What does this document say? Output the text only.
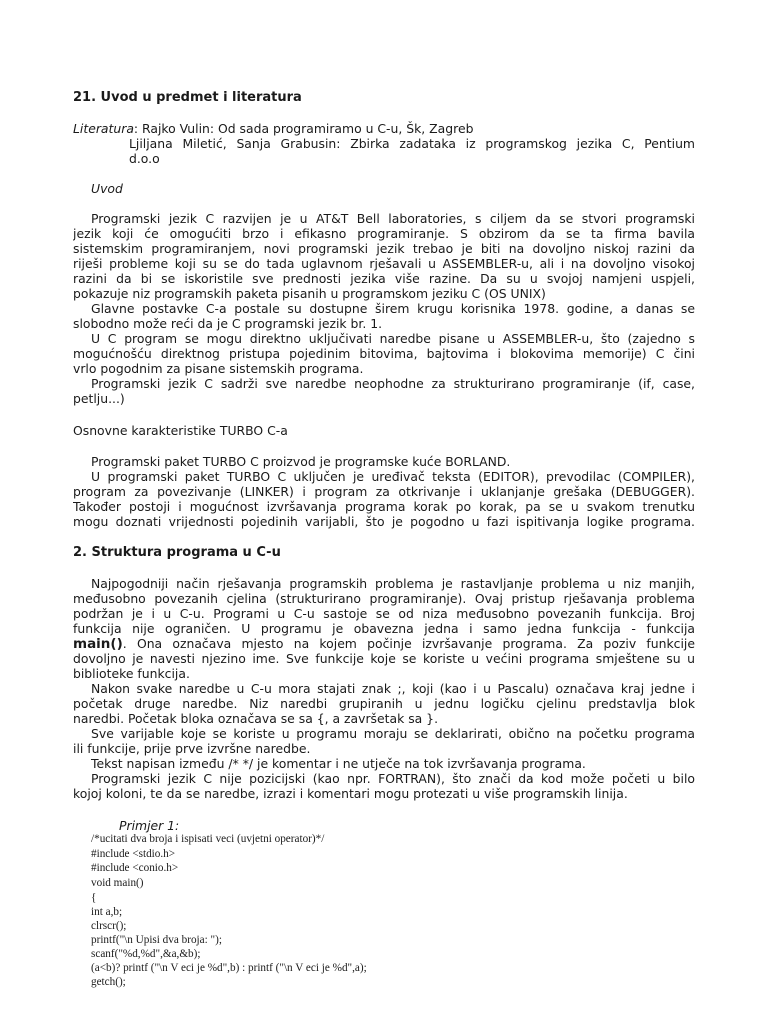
21. Uvod u predmet i literatura
Literatura: Rajko Vulin: Od sada programiramo u C-u, Šk, Zagreb
Ljiljana Miletić, Sanja Grabusin: Zbirka zadataka iz programskog jezika C, Pentium
d.o.o
Uvod
Programski jezik C razvijen je u AT&T Bell laboratories, s ciljem da se stvori programski
jezik koji će omogućiti brzo i efikasno programiranje. S obzirom da se ta firma bavila
sistemskim programiranjem, novi programski jezik trebao je biti na dovoljno niskoj razini da
riješi probleme koji su se do tada uglavnom rješavali u ASSEMBLER-u, ali i na dovoljno visokoj
razini da bi se iskoristile sve prednosti jezika više razine. Da su u svojoj namjeni uspjeli,
pokazuje niz programskih paketa pisanih u programskom jeziku C (OS UNIX)
Glavne postavke C-a postale su dostupne širem krugu korisnika 1978. godine, a danas se
slobodno može reći da je C programski jezik br. 1.
U C program se mogu direktno uključivati naredbe pisane u ASSEMBLER-u, što (zajedno s
mogućnošću direktnog pristupa pojedinim bitovima, bajtovima i blokovima memorije) C čini
vrlo pogodnim za pisane sistemskih programa.
Programski jezik C sadrži sve naredbe neophodne za strukturirano programiranje (if, case,
petlju...)
Osnovne karakteristike TURBO C-a
Programski paket TURBO C proizvod je programske kuće BORLAND.
U programski paket TURBO C uključen je uređivač teksta (EDITOR), prevodilac (COMPILER),
program za povezivanje (LINKER) i program za otkrivanje i uklanjanje grešaka (DEBUGGER).
Također postoji i mogućnost izvršavanja programa korak po korak, pa se u svakom trenutku
mogu doznati vrijednosti pojedinih varijabli, što je pogodno u fazi ispitivanja logike programa.
2. Struktura programa u C-u
Najpogodniji način rješavanja programskih problema je rastavljanje problema u niz manjih,
međusobno povezanih cjelina (strukturirano programiranje). Ovaj pristup rješavanja problema
podržan je i u C-u. Programi u C-u sastoje se od niza međusobno povezanih funkcija. Broj
funkcija nije ograničen. U programu je obavezna jedna i samo jedna funkcija - funkcija
main(). Ona označava mjesto na kojem počinje izvršavanje programa. Za poziv funkcije
dovoljno je navesti njezino ime. Sve funkcije koje se koriste u većini programa smještene su u
biblioteke funkcija.
Nakon svake naredbe u C-u mora stajati znak ;, koji (kao i u Pascalu) označava kraj jedne i
početak druge naredbe. Niz naredbi grupiranih u jednu logičku cjelinu predstavlja blok
naredbi. Početak bloka označava se sa {, a završetak sa }.
Sve varijable koje se koriste u programu moraju se deklarirati, obično na početku programa
ili funkcije, prije prve izvršne naredbe.
Tekst napisan između /* */ je komentar i ne utječe na tok izvršavanja programa.
Programski jezik C nije pozicijski (kao npr. FORTRAN), što znači da kod može početi u bilo
kojoj koloni, te da se naredbe, izrazi i komentari mogu protezati u više programskih linija.
Primjer 1:
/*ucitati dva broja i ispisati veci (uvjetni operator)*/
#include <stdio.h>
#include <conio.h>
void main()
{
int a,b;
clrscr();
printf("\n Upisi dva broja: ");
scanf("%d,%d",&a,&b);
(a<b)? printf ("\n V eci je %d",b) : printf ("\n V eci je %d",a);
getch();
